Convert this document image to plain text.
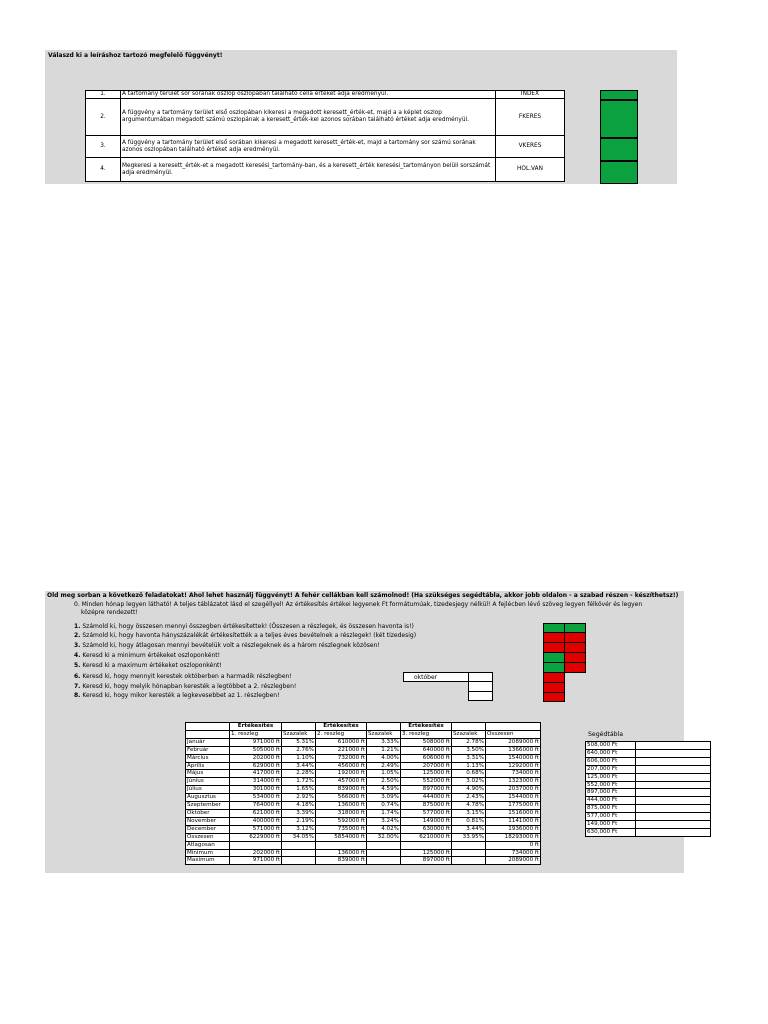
Válaszd ki a leíráshoz tartozó megfelelő függvényt!
1.	A tartomány terület sor sorának oszlop oszlopában található cella értékét adja eredményül.	INDEX
2.	A függvény a tartomány terület első oszlopában kikeresi a megadott keresett_érték-et, majd a a képlet oszlop argumentumában megadott számú oszlopának a keresett_érték-kel azonos sorában található értéket adja eredményül.	FKERES
3.	A függvény a tartomány terület első sorában kikeresi a megadott keresett_érték-et, majd a tartomány sor számú sorának azonos oszlopában található értéket adja eredményül.	VKERES
4.	Megkeresi a keresett_érték-et a megadott keresési_tartomány-ban, és a keresett_érték keresési_tartományon belüli sorszámát adja eredményül.	HOL.VAN
Old meg sorban a következő feladatokat! Ahol lehet használj függvényt! A fehér cellákban kell számolnod! (Ha szükséges segédtábla, akkor jobb oldalon - a szabad részen - készíthetsz!)
0. Minden hónap legyen látható! A teljes táblázatot lásd el szegéllyel! Az értékesítés értékei legyenek Ft formátumúak, tizedesjegy nélkül! A fejlécben lévő szöveg legyen félkövér és legyen
középre rendezett!
1. Számold ki, hogy összesen mennyi összegben értékesítettek! (Összesen a részlegek, és összesen havonta is!)
2. Számold ki, hogy havonta hányszázalékát értékesítették a a teljes éves bevételnek a részlegek! (két tizedesig)
3. Számold ki, hogy átlagosan mennyi bevételük volt a részlegeknek és a három részlegnek közösen!
4. Keresd ki a minimum értékeket oszloponként!
5. Keresd ki a maximum értékeket oszloponként!
6. Keresd ki, hogy mennyit kerestek októberben a harmadik részlegben!
7. Keresd ki, hogy melyik hónapban keresték a legtöbbet a 2. részlegben!
8. Keresd ki, hogy mikor keresték a legkevesebbet az 1. részlegben!
október
	Értékesítés		Értékesítés		Értékesítés		
	1. reszleg	Szazalek	2. reszleg	Szazalek	3. reszleg	Szazalek	Összesen
Január	971000 ft	5.31%	610000 ft	3.33%	508000 ft	2.78%	2089000 ft
Február	505000 ft	2.76%	221000 ft	1.21%	640000 ft	3.50%	1366000 ft
Március	202000 ft	1.10%	732000 ft	4.00%	606000 ft	3.31%	1540000 ft
Április	629000 ft	3.44%	456000 ft	2.49%	207000 ft	1.13%	1292000 ft
Május	417000 ft	2.28%	192000 ft	1.05%	125000 ft	0.68%	734000 ft
Június	314000 ft	1.72%	457000 ft	2.50%	552000 ft	3.02%	1323000 ft
Július	301000 ft	1.65%	839000 ft	4.59%	897000 ft	4.90%	2037000 ft
Augusztus	534000 ft	2.92%	566000 ft	3.09%	444000 ft	2.43%	1544000 ft
Szeptember	764000 ft	4.18%	136000 ft	0.74%	875000 ft	4.78%	1775000 ft
Október	621000 ft	3.39%	318000 ft	1.74%	577000 ft	3.15%	1516000 ft
November	400000 ft	2.19%	592000 ft	3.24%	149000 ft	0.81%	1141000 ft
December	571000 ft	3.12%	735000 ft	4.02%	630000 ft	3.44%	1936000 ft
Összesen	6229000 ft	34.05%	5854000 ft	32.00%	6210000 ft	33.95%	18293000 ft
Átlagosan							0 ft
Minimum	202000 ft		136000 ft		125000 ft		734000 ft
Maximum	971000 ft		839000 ft		897000 ft		2089000 ft
Segédtábla
508,000 Ft	
640,000 Ft	
606,000 Ft	
207,000 Ft	
125,000 Ft	
552,000 Ft	
897,000 Ft	
444,000 Ft	
875,000 Ft	
577,000 Ft	
149,000 Ft	
630,000 Ft	
